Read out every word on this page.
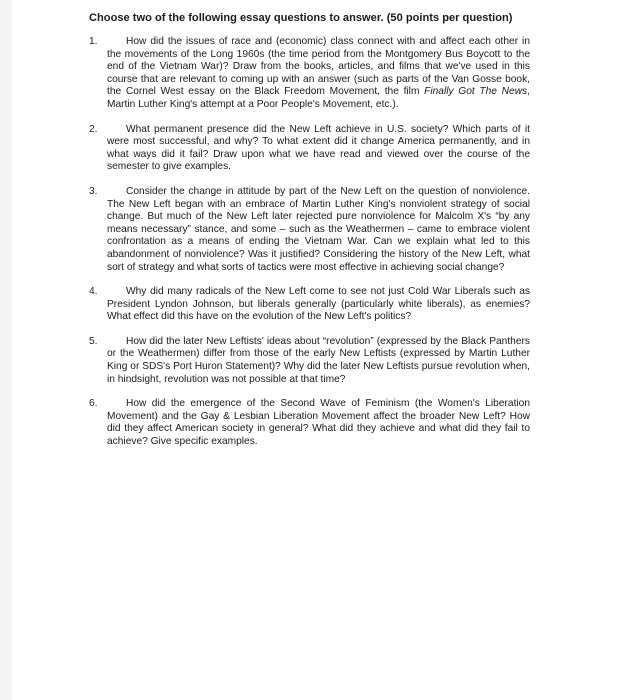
Choose two of the following essay questions to answer. (50 points per question)
1.	How did the issues of race and (economic) class connect with and affect each other in the movements of the Long 1960s (the time period from the Montgomery Bus Boycott to the end of the Vietnam War)? Draw from the books, articles, and films that we've used in this course that are relevant to coming up with an answer (such as parts of the Van Gosse book, the Cornel West essay on the Black Freedom Movement, the film Finally Got The News, Martin Luther King's attempt at a Poor People's Movement, etc.).
2.	What permanent presence did the New Left achieve in U.S. society? Which parts of it were most successful, and why? To what extent did it change America permanently, and in what ways did it fail? Draw upon what we have read and viewed over the course of the semester to give examples.
3.	Consider the change in attitude by part of the New Left on the question of nonviolence. The New Left began with an embrace of Martin Luther King's nonviolent strategy of social change. But much of the New Left later rejected pure nonviolence for Malcolm X's “by any means necessary” stance, and some – such as the Weathermen – came to embrace violent confrontation as a means of ending the Vietnam War. Can we explain what led to this abandonment of nonviolence? Was it justified? Considering the history of the New Left, what sort of strategy and what sorts of tactics were most effective in achieving social change?
4.	Why did many radicals of the New Left come to see not just Cold War Liberals such as President Lyndon Johnson, but liberals generally (particularly white liberals), as enemies? What effect did this have on the evolution of the New Left's politics?
5.	How did the later New Leftists' ideas about “revolution” (expressed by the Black Panthers or the Weathermen) differ from those of the early New Leftists (expressed by Martin Luther King or SDS's Port Huron Statement)? Why did the later New Leftists pursue revolution when, in hindsight, revolution was not possible at that time?
6.	How did the emergence of the Second Wave of Feminism (the Women's Liberation Movement) and the Gay & Lesbian Liberation Movement affect the broader New Left? How did they affect American society in general? What did they achieve and what did they fail to achieve? Give specific examples.
